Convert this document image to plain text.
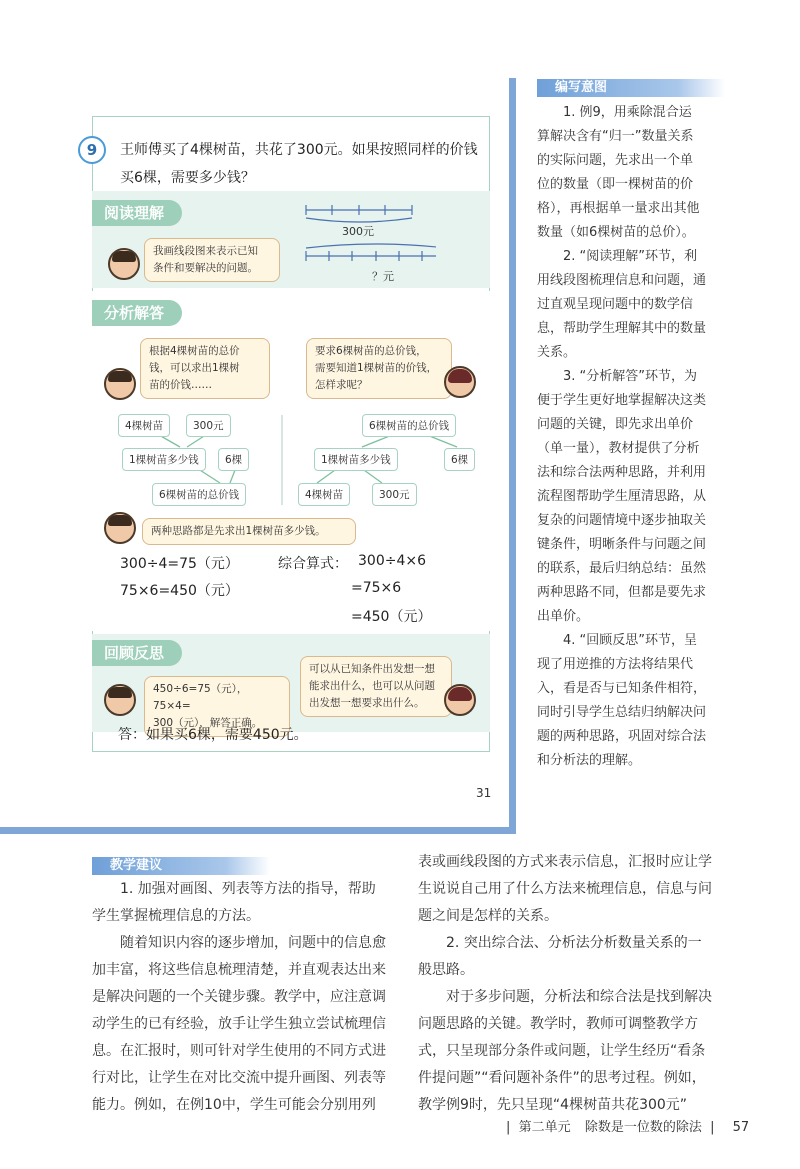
9	王师傅买了4棵树苗，共花了300元。如果按照同样的价钱
买6棵，需要多少钱？
阅读理解
我画线段图来表示已知
条件和要解决的问题。
300元
？元
分析解答
根据4棵树苗的总价
钱，可以求出1棵树
苗的价钱……
要求6棵树苗的总价钱，
需要知道1棵树苗的价钱，
怎样求呢？
4棵树苗	300元
1棵树苗多少钱	6棵
6棵树苗的总价钱
6棵树苗的总价钱
1棵树苗多少钱	6棵
4棵树苗	300元
两种思路都是先求出1棵树苗多少钱。
300÷4=75（元）
75×6=450（元）
综合算式： 300÷4×6
=75×6
=450（元）
回顾反思
450÷6=75（元），75×4=
300（元），解答正确。
可以从已知条件出发想一想
能求出什么，也可以从问题
出发想一想要求出什么。
答：如果买6棵，需要450元。
31
编写意图
1. 例9，用乘除混合运
算解决含有“归一”数量关系
的实际问题，先求出一个单
位的数量（即一棵树苗的价
格），再根据单一量求出其他
数量（如6棵树苗的总价）。
2. “阅读理解”环节，利
用线段图梳理信息和问题，通
过直观呈现问题中的数学信
息，帮助学生理解其中的数量
关系。
3. “分析解答”环节，为
便于学生更好地掌握解决这类
问题的关键，即先求出单价
（单一量），教材提供了分析
法和综合法两种思路，并利用
流程图帮助学生厘清思路，从
复杂的问题情境中逐步抽取关
键条件，明晰条件与问题之间
的联系，最后归纳总结：虽然
两种思路不同，但都是要先求
出单价。
4. “回顾反思”环节，呈
现了用逆推的方法将结果代
入，看是否与已知条件相符，
同时引导学生总结归纳解决问
题的两种思路，巩固对综合法
和分析法的理解。
教学建议
1. 加强对画图、列表等方法的指导，帮助
学生掌握梳理信息的方法。
随着知识内容的逐步增加，问题中的信息愈
加丰富，将这些信息梳理清楚，并直观表达出来
是解决问题的一个关键步骤。教学中，应注意调
动学生的已有经验，放手让学生独立尝试梳理信
息。在汇报时，则可针对学生使用的不同方式进
行对比，让学生在对比交流中提升画图、列表等
能力。例如，在例10中，学生可能会分别用列
表或画线段图的方式来表示信息，汇报时应让学
生说说自己用了什么方法来梳理信息，信息与问
题之间是怎样的关系。
2. 突出综合法、分析法分析数量关系的一
般思路。
对于多步问题，分析法和综合法是找到解决
问题思路的关键。教学时，教师可调整教学方
式，只呈现部分条件或问题，让学生经历“看条
件提问题”“看问题补条件”的思考过程。例如，
教学例9时，先只呈现“4棵树苗共花300元”
|  第二单元 除数是一位数的除法  | 57
